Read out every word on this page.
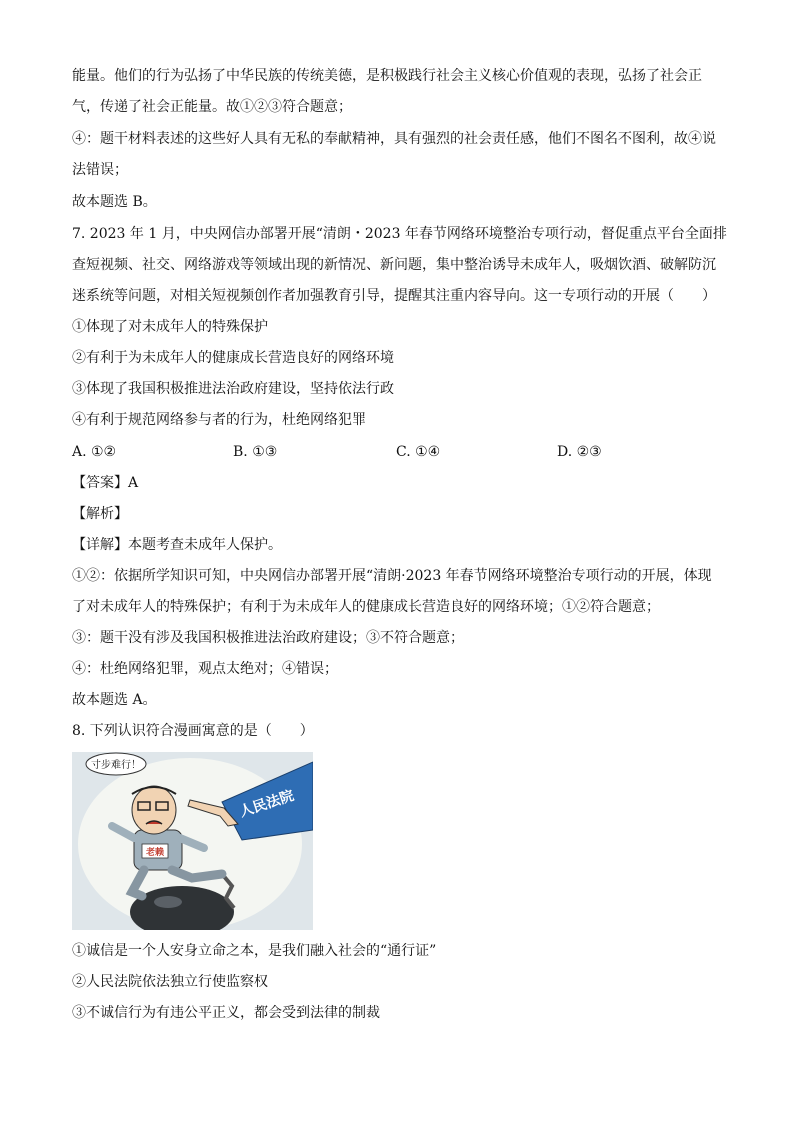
能量。他们的行为弘扬了中华民族的传统美德，是积极践行社会主义核心价值观的表现，弘扬了社会正
气，传递了社会正能量。故①②③符合题意；
④：题干材料表述的这些好人具有无私的奉献精神，具有强烈的社会责任感，他们不图名不图利，故④说
法错误；
故本题选 B。
7. 2023 年 1 月，中央网信办部署开展“清朗・2023 年春节网络环境整治专项行动，督促重点平台全面排
查短视频、社交、网络游戏等领域出现的新情况、新问题，集中整治诱导未成年人，吸烟饮酒、破解防沉
迷系统等问题，对相关短视频创作者加强教育引导，提醒其注重内容导向。这一专项行动的开展（　　）
①体现了对未成年人的特殊保护
②有利于为未成年人的健康成长营造良好的网络环境
③体现了我国积极推进法治政府建设，坚持依法行政
④有利于规范网络参与者的行为，杜绝网络犯罪
A. ①②	B. ①③	C. ①④	D. ②③
【答案】A
【解析】
【详解】本题考查未成年人保护。
①②：依据所学知识可知，中央网信办部署开展“清朗·2023 年春节网络环境整治专项行动的开展，体现
了对未成年人的特殊保护；有利于为未成年人的健康成长营造良好的网络环境；①②符合题意；
③：题干没有涉及我国积极推进法治政府建设；③不符合题意；
④：杜绝网络犯罪，观点太绝对；④错误；
故本题选 A。
8. 下列认识符合漫画寓意的是（　　）
寸步难行！
老赖
人民法院
①诚信是一个人安身立命之本，是我们融入社会的“通行证”
②人民法院依法独立行使监察权
③不诚信行为有违公平正义，都会受到法律的制裁
